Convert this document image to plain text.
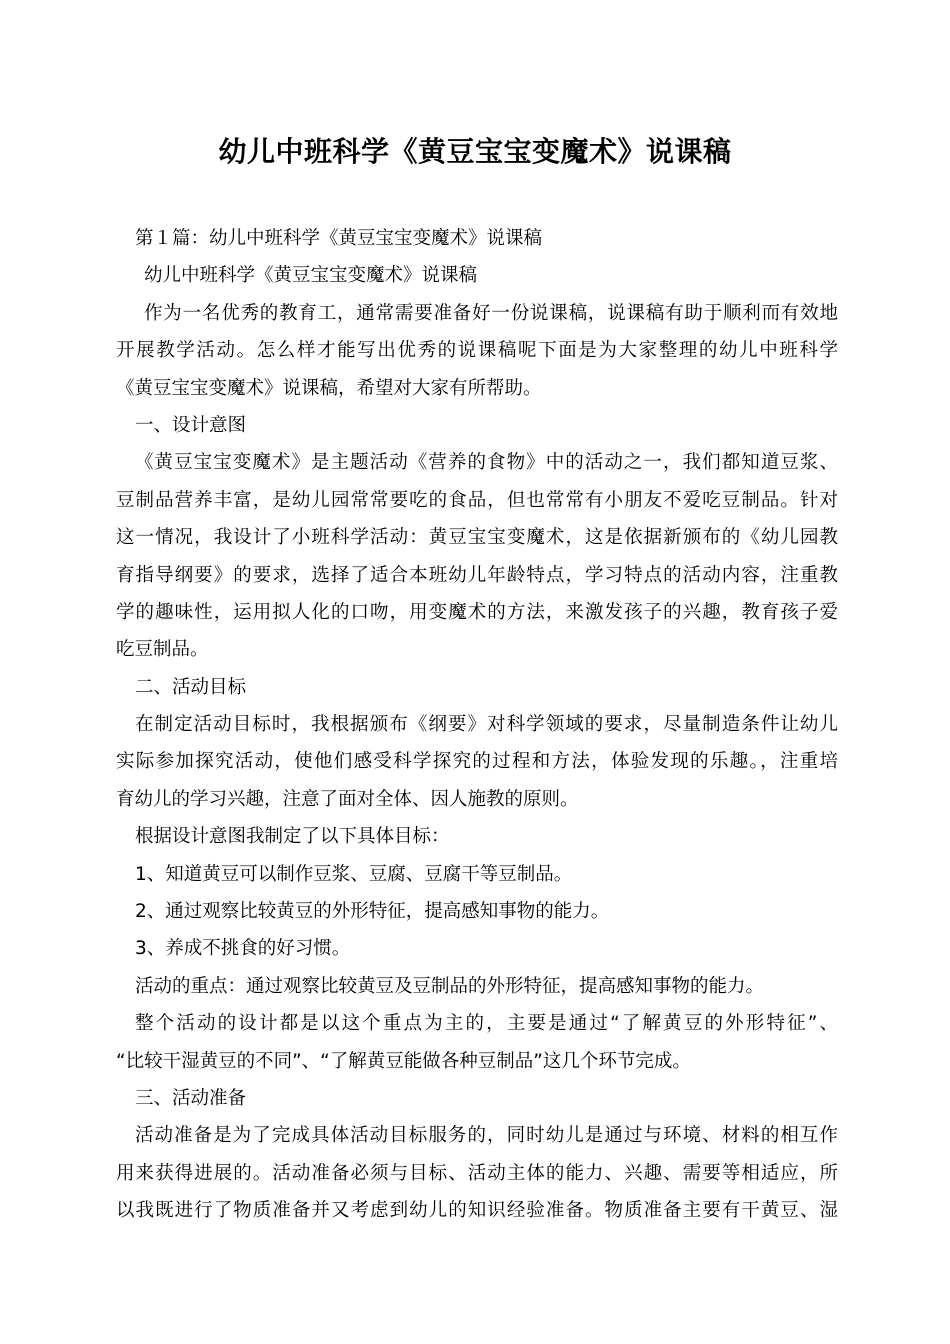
幼儿中班科学《黄豆宝宝变魔术》说课稿
第１篇：幼儿中班科学《黄豆宝宝变魔术》说课稿
幼儿中班科学《黄豆宝宝变魔术》说课稿
作为一名优秀的教育工，通常需要准备好一份说课稿，说课稿有助于顺利而有效地
开展教学活动。怎么样才能写出优秀的说课稿呢下面是为大家整理的幼儿中班科学
《黄豆宝宝变魔术》说课稿，希望对大家有所帮助。
一、设计意图
《黄豆宝宝变魔术》是主题活动《营养的食物》中的活动之一，我们都知道豆浆、
豆制品营养丰富，是幼儿园常常要吃的食品，但也常常有小朋友不爱吃豆制品。针对
这一情况，我设计了小班科学活动：黄豆宝宝变魔术，这是依据新颁布的《幼儿园教
育指导纲要》的要求，选择了适合本班幼儿年龄特点，学习特点的活动内容，注重教
学的趣味性，运用拟人化的口吻，用变魔术的方法，来激发孩子的兴趣，教育孩子爱
吃豆制品。
二、活动目标
在制定活动目标时，我根据颁布《纲要》对科学领域的要求，尽量制造条件让幼儿
实际参加探究活动，使他们感受科学探究的过程和方法，体验发现的乐趣。，注重培
育幼儿的学习兴趣，注意了面对全体、因人施教的原则。
根据设计意图我制定了以下具体目标：
1、知道黄豆可以制作豆浆、豆腐、豆腐干等豆制品。
2、通过观察比较黄豆的外形特征，提高感知事物的能力。
3、养成不挑食的好习惯。
活动的重点：通过观察比较黄豆及豆制品的外形特征，提高感知事物的能力。
整个活动的设计都是以这个重点为主的，主要是通过“了解黄豆的外形特征”、
“比较干湿黄豆的不同”、“了解黄豆能做各种豆制品”这几个环节完成。
三、活动准备
活动准备是为了完成具体活动目标服务的，同时幼儿是通过与环境、材料的相互作
用来获得进展的。活动准备必须与目标、活动主体的能力、兴趣、需要等相适应，所
以我既进行了物质准备并又考虑到幼儿的知识经验准备。物质准备主要有干黄豆、湿
